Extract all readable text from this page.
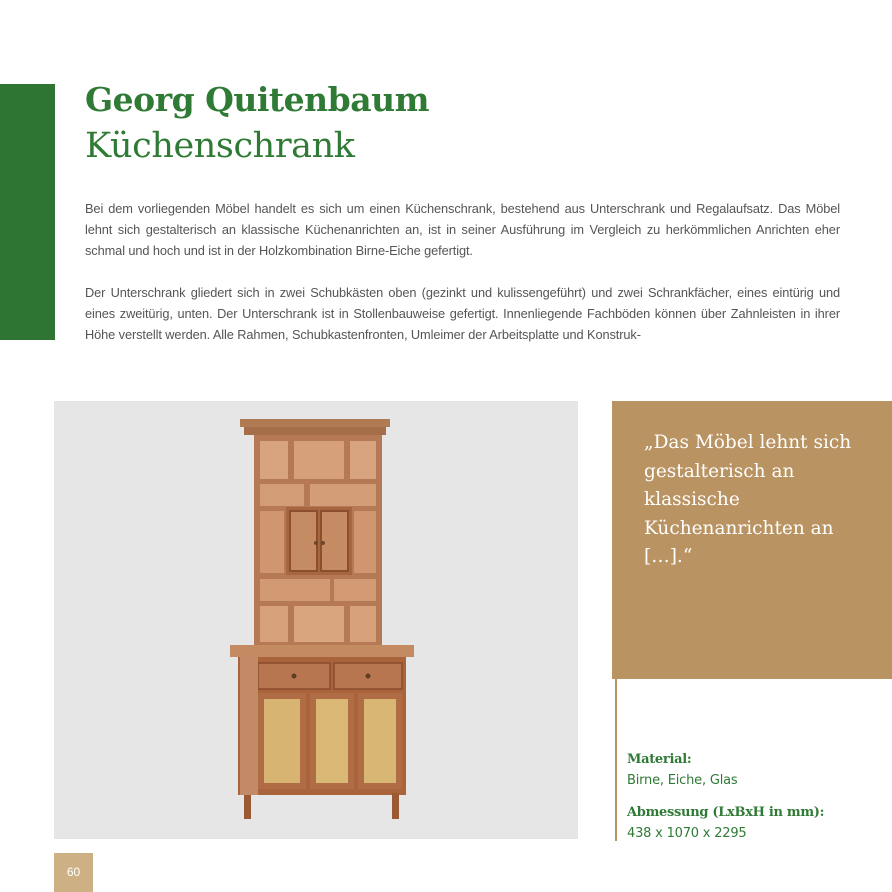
Georg Quitenbaum
Küchenschrank

Bei dem vorliegenden Möbel handelt es sich um einen Küchenschrank, bestehend aus Unterschrank und Regalaufsatz. Das Möbel lehnt sich gestalterisch an klassische Küchenanrichten an, ist in seiner Ausführung im Vergleich zu herkömmlichen Anrichten eher schmal und hoch und ist in der Holzkombination Birne-Eiche gefertigt.

Der Unterschrank gliedert sich in zwei Schubkästen oben (gezinkt und kulissengeführt) und zwei Schrankfächer, eines eintürig und eines zweitürig, unten. Der Unterschrank ist in Stollenbauweise gefertigt. Innenliegende Fachböden können über Zahnleisten in ihrer Höhe verstellt werden. Alle Rahmen, Schubkastenfronten, Umleimer der Arbeitsplatte und Konstruk-

„Das Möbel lehnt sich gestalterisch an klassische Küchenanrichten an […].“

Material:

Birne, Eiche, Glas

Abmessung (LxBxH in mm):

438 x 1070 x 2295

60
